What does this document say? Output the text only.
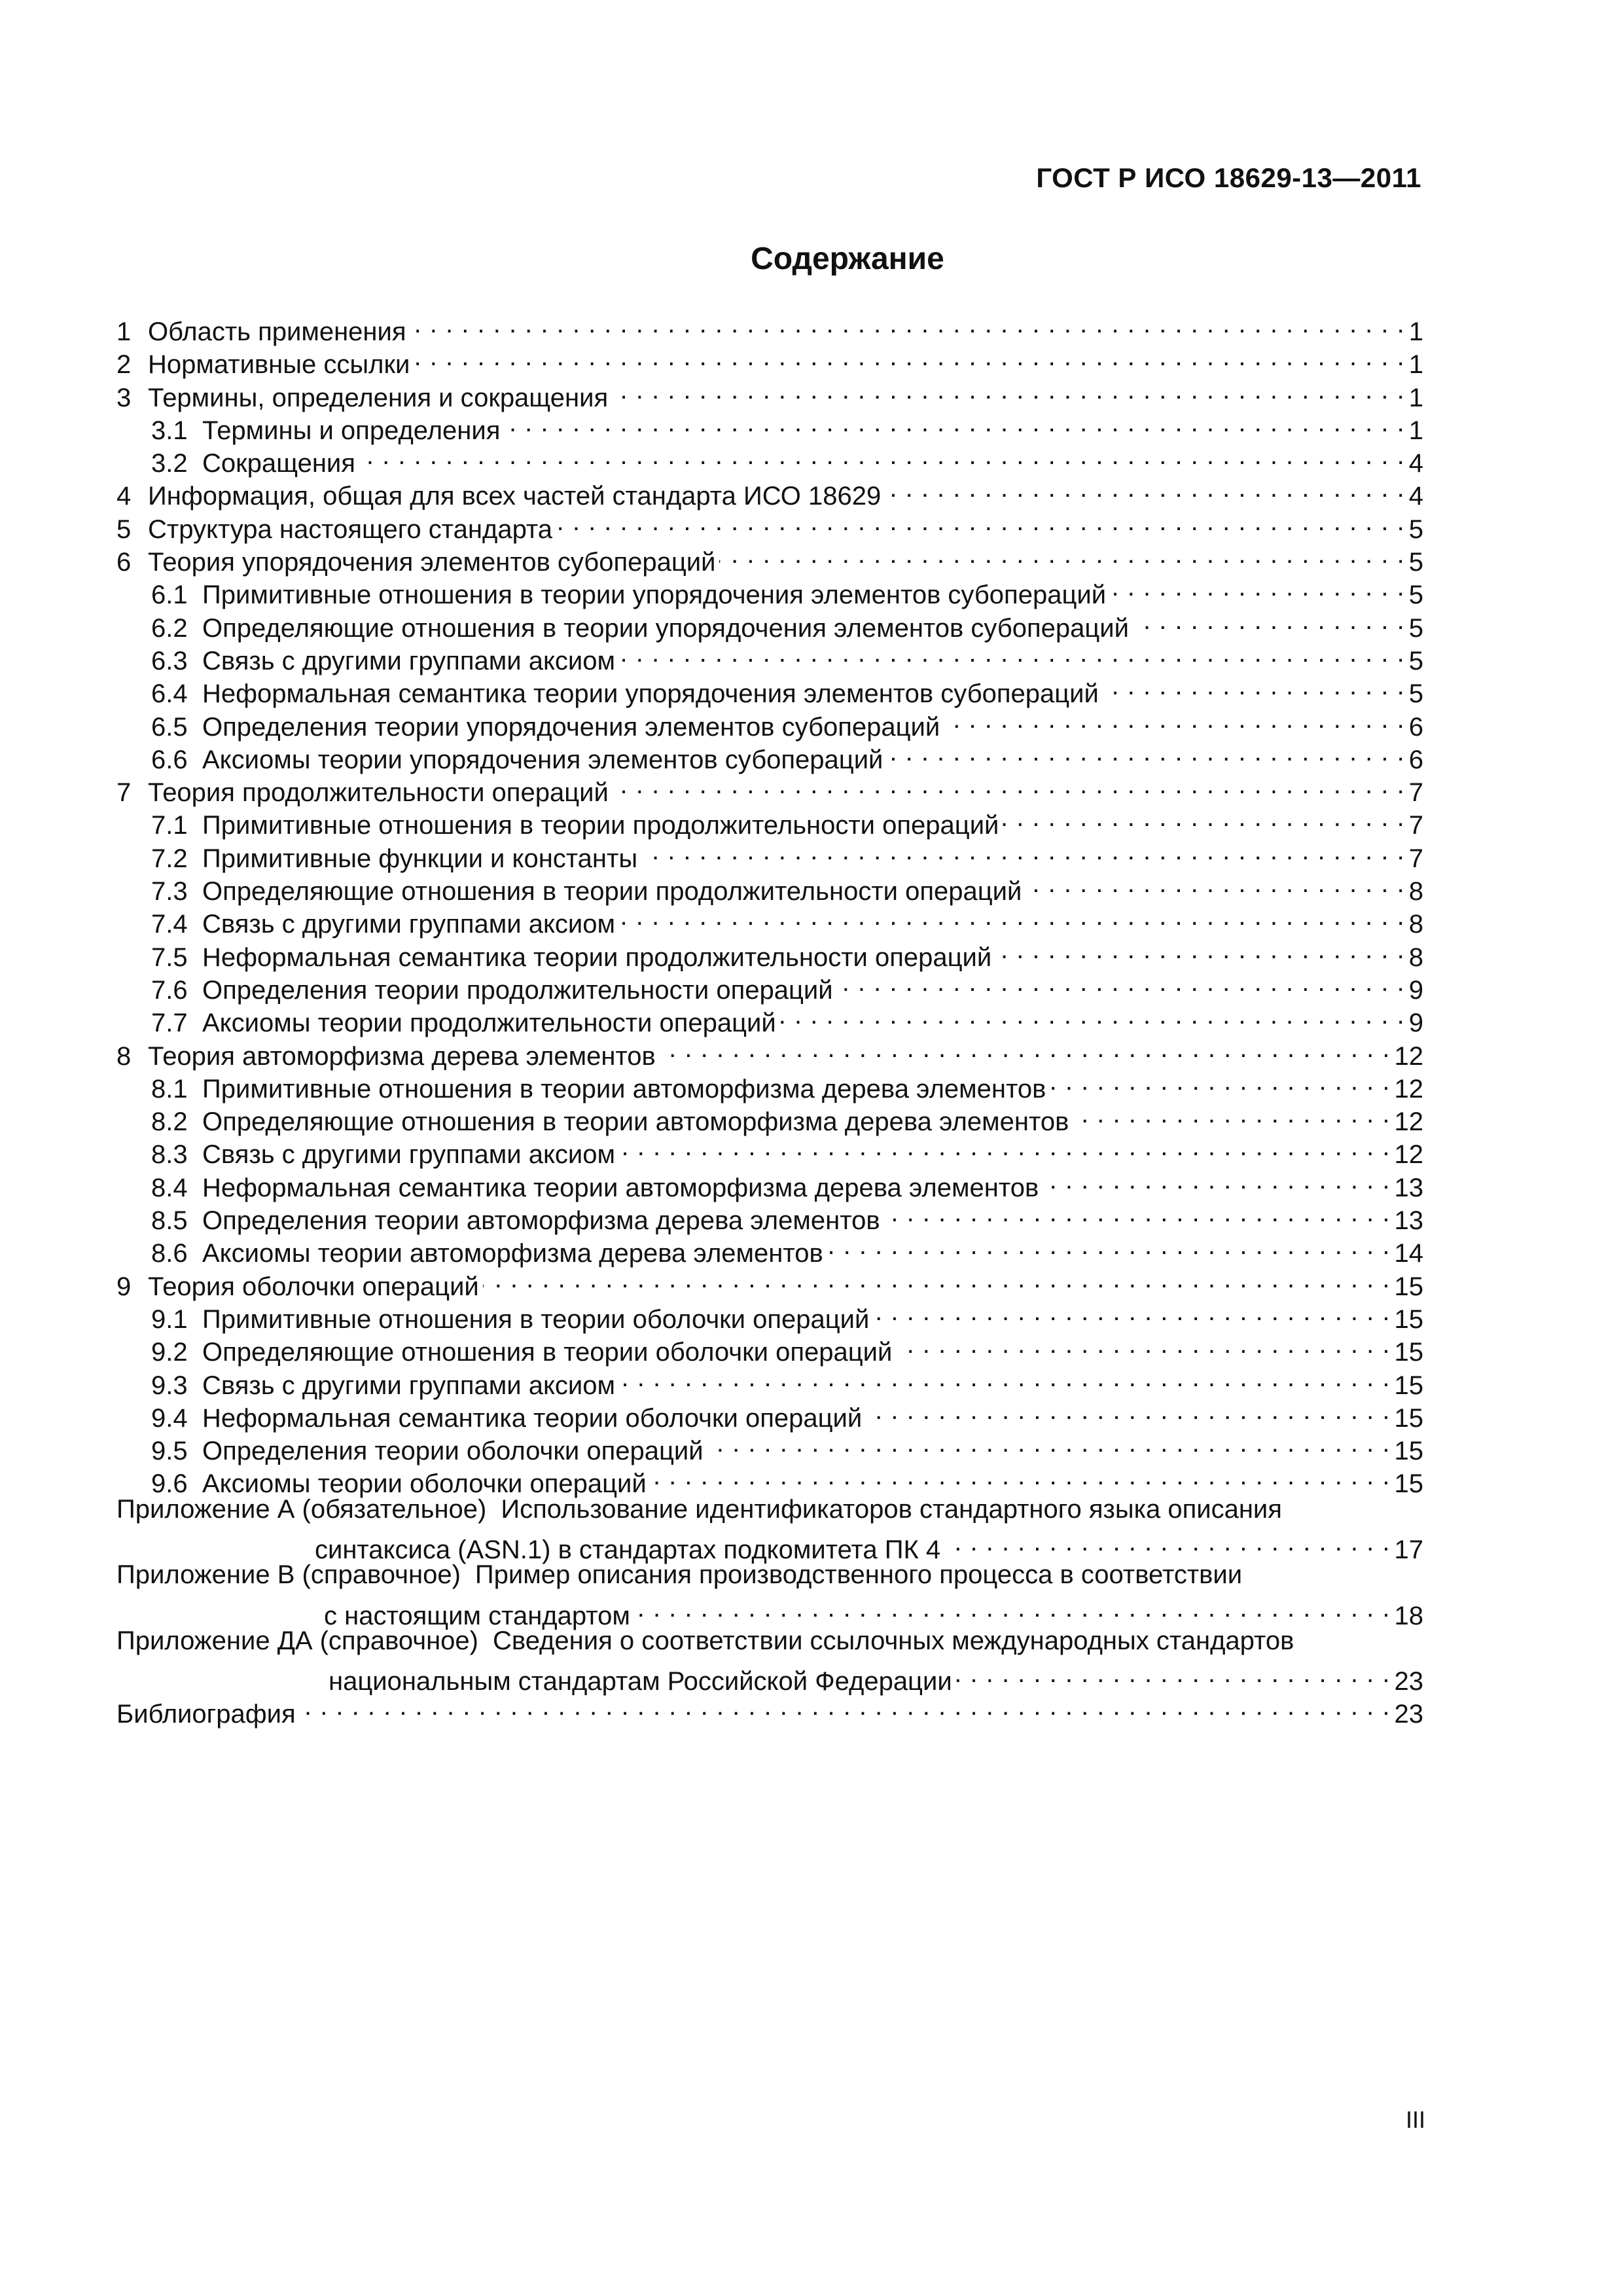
ГОСТ Р ИСО 18629-13—2011
Содержание
1 Область применения . . .	1
2 Нормативные ссылки . . .	1
3 Термины, определения и сокращения . . .	1
3.1 Термины и определения . . .	1
3.2 Сокращения . . .	4
4 Информация, общая для всех частей стандарта ИСО 18629 . . .	4
5 Структура настоящего стандарта . . .	5
6 Теория упорядочения элементов субопераций . . .	5
6.1 Примитивные отношения в теории упорядочения элементов субопераций . . .	5
6.2 Определяющие отношения в теории упорядочения элементов субопераций . . .	5
6.3 Связь с другими группами аксиом . . .	5
6.4 Неформальная семантика теории упорядочения элементов субопераций . . .	5
6.5 Определения теории упорядочения элементов субопераций . . .	6
6.6 Аксиомы теории упорядочения элементов субопераций . . .	6
7 Теория продолжительности операций . . .	7
7.1 Примитивные отношения в теории продолжительности операций . . .	7
7.2 Примитивные функции и константы . . .	7
7.3 Определяющие отношения в теории продолжительности операций . . .	8
7.4 Связь с другими группами аксиом . . .	8
7.5 Неформальная семантика теории продолжительности операций . . .	8
7.6 Определения теории продолжительности операций . . .	9
7.7 Аксиомы теории продолжительности операций . . .	9
8 Теория автоморфизма дерева элементов . . .	12
8.1 Примитивные отношения в теории автоморфизма дерева элементов . . .	12
8.2 Определяющие отношения в теории автоморфизма дерева элементов . . .	12
8.3 Связь с другими группами аксиом . . .	12
8.4 Неформальная семантика теории автоморфизма дерева элементов . . .	13
8.5 Определения теории автоморфизма дерева элементов . . .	13
8.6 Аксиомы теории автоморфизма дерева элементов . . .	14
9 Теория оболочки операций . . .	15
9.1 Примитивные отношения в теории оболочки операций . . .	15
9.2 Определяющие отношения в теории оболочки операций . . .	15
9.3 Связь с другими группами аксиом . . .	15
9.4 Неформальная семантика теории оболочки операций . . .	15
9.5 Определения теории оболочки операций . . .	15
9.6 Аксиомы теории оболочки операций . . .	15
Приложение А (обязательное) Использование идентификаторов стандартного языка описания
синтаксиса (ASN.1) в стандартах подкомитета ПК 4 . . .	17
Приложение В (справочное) Пример описания производственного процесса в соответствии
с настоящим стандартом . . .	18
Приложение ДА (справочное) Сведения о соответствии ссылочных международных стандартов
национальным стандартам Российской Федерации . . .	23
Библиография . . .	23
III
